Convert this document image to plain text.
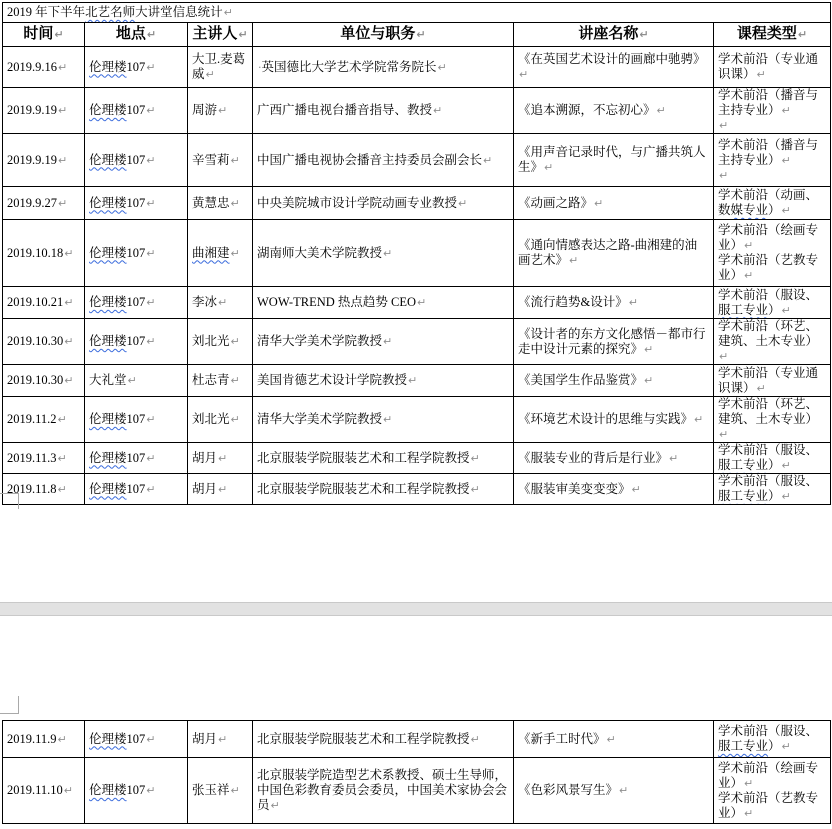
2019 年下半年北艺名师大讲堂信息统计↵					
时间↵	地点↵	主讲人↵	单位与职务↵	讲座名称↵	课程类型↵
2019.9.16↵	伦理楼107↵	大卫.麦葛威↵	·英国德比大学艺术学院常务院长↵	《在英国艺术设计的画廊中驰骋》↵	学术前沿（专业通识课）↵

2019.9.19↵	伦理楼107↵	周游↵	广西广播电视台播音指导、教授↵	《追本溯源，不忘初心》↵	学术前沿（播音与主持专业）↵
↵

2019.9.19↵	伦理楼107↵	辛雪莉↵	中国广播电视协会播音主持委员会副会长↵	《用声音记录时代，与广播共筑人生》↵	学术前沿（播音与主持专业）↵
↵

2019.9.27↵	伦理楼107↵	黄慧忠↵	中央美院城市设计学院动画专业教授↵	《动画之路》↵	学术前沿（动画、数媒专业）↵

2019.10.18↵	伦理楼107↵	曲湘建↵	湖南师大美术学院教授↵	《通向情感表达之路-曲湘建的油画艺术》↵	学术前沿（绘画专业）↵
学术前沿（艺教专业）↵

2019.10.21↵	伦理楼107↵	李冰↵	WOW-TREND 热点趋势 CEO↵	《流行趋势&设计》↵	学术前沿（服设、服工专业）↵

2019.10.30↵	伦理楼107↵	刘北光↵	清华大学美术学院教授↵	《设计者的东方文化感悟－都市行走中设计元素的探究》↵	学术前沿（环艺、建筑、土木专业）↵

2019.10.30↵	大礼堂↵	杜志青↵	美国肯德艺术设计学院教授↵	《美国学生作品鉴赏》↵	学术前沿（专业通识课）↵

2019.11.2↵	伦理楼107↵	刘北光↵	清华大学美术学院教授↵	《环境艺术设计的思维与实践》↵	学术前沿（环艺、建筑、土木专业）↵

2019.11.3↵	伦理楼107↵	胡月↵	北京服装学院服装艺术和工程学院教授↵	《服装专业的背后是行业》↵	学术前沿（服设、服工专业）↵

2019.11.8↵	伦理楼107↵	胡月↵	北京服装学院服装艺术和工程学院教授↵	《服装审美变变变》↵	学术前沿（服设、服工专业）↵
2019.11.9↵	伦理楼107↵	胡月↵	北京服装学院服装艺术和工程学院教授↵	《新手工时代》↵	学术前沿（服设、服工专业）↵

2019.11.10↵	伦理楼107↵	张玉祥↵	北京服装学院造型艺术系教授、硕士生导师，中国色彩教育委员会委员，中国美术家协会会员↵	《色彩风景写生》↵	学术前沿（绘画专业）↵
学术前沿（艺教专业）↵
